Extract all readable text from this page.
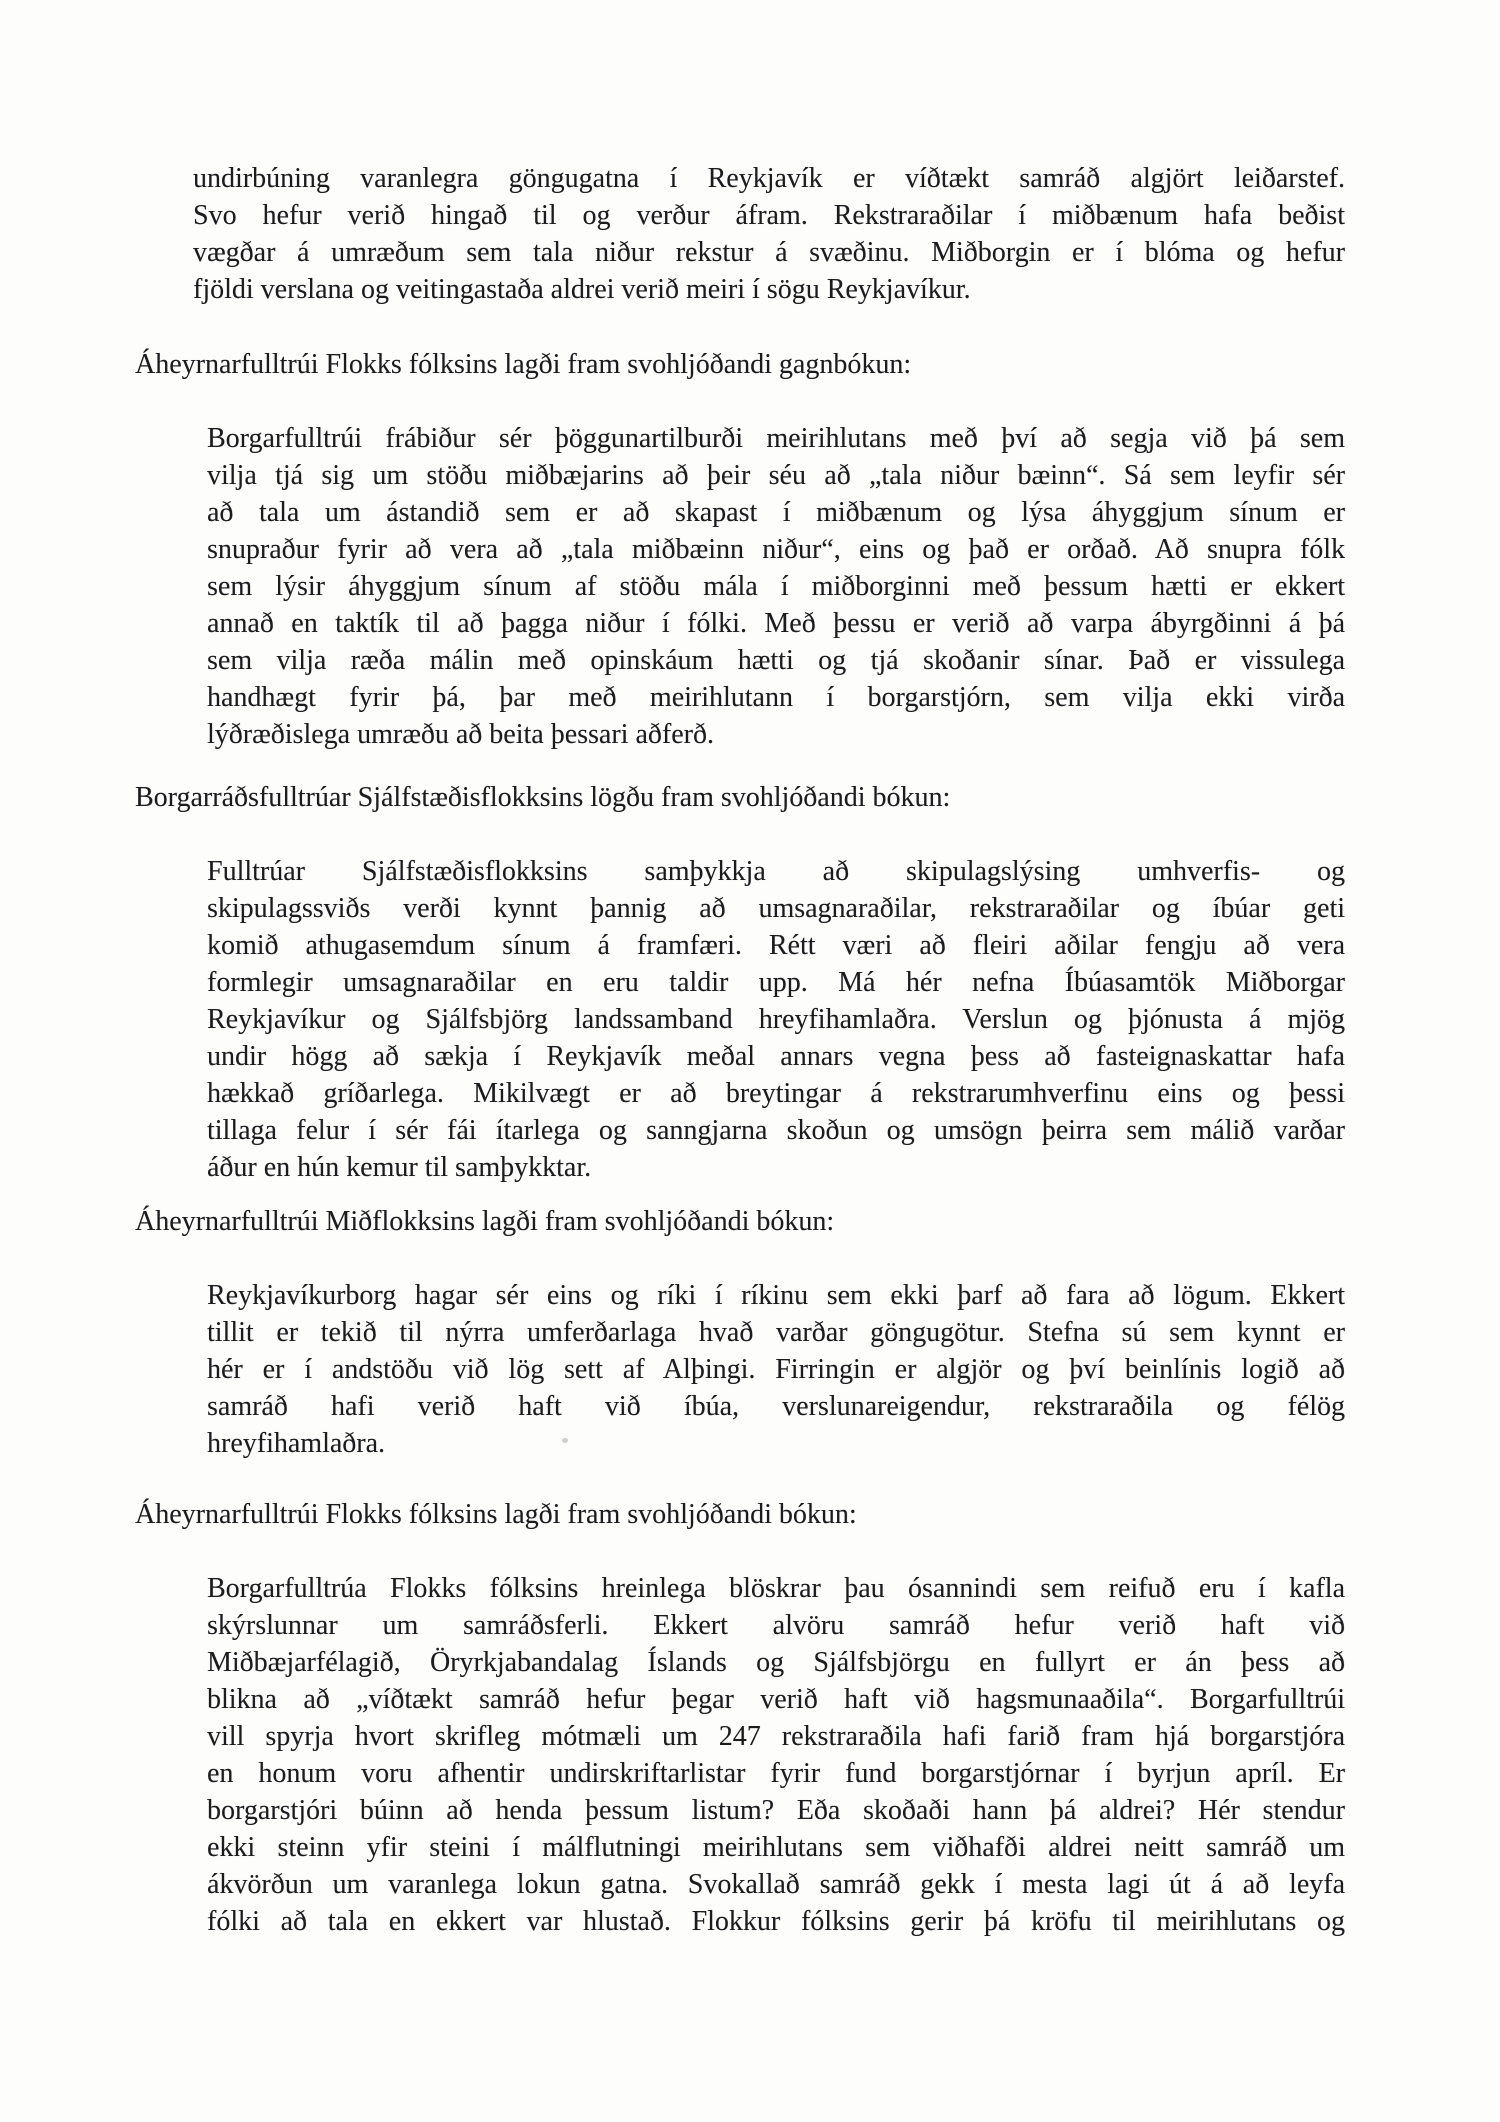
undirbúning varanlegra göngugatna í Reykjavík er víðtækt samráð algjört leiðarstef.
Svo hefur verið hingað til og verður áfram. Rekstraraðilar í miðbænum hafa beðist
vægðar á umræðum sem tala niður rekstur á svæðinu. Miðborgin er í blóma og hefur
fjöldi verslana og veitingastaða aldrei verið meiri í sögu Reykjavíkur.
Áheyrnarfulltrúi Flokks fólksins lagði fram svohljóðandi gagnbókun:
Borgarfulltrúi frábiður sér þöggunartilburði meirihlutans með því að segja við þá sem
vilja tjá sig um stöðu miðbæjarins að þeir séu að „tala niður bæinn“. Sá sem leyfir sér
að tala um ástandið sem er að skapast í miðbænum og lýsa áhyggjum sínum er
snupraður fyrir að vera að „tala miðbæinn niður“, eins og það er orðað. Að snupra fólk
sem lýsir áhyggjum sínum af stöðu mála í miðborginni með þessum hætti er ekkert
annað en taktík til að þagga niður í fólki. Með þessu er verið að varpa ábyrgðinni á þá
sem vilja ræða málin með opinskáum hætti og tjá skoðanir sínar. Það er vissulega
handhægt fyrir þá, þar með meirihlutann í borgarstjórn, sem vilja ekki virða
lýðræðislega umræðu að beita þessari aðferð.
Borgarráðsfulltrúar Sjálfstæðisflokksins lögðu fram svohljóðandi bókun:
Fulltrúar Sjálfstæðisflokksins samþykkja að skipulagslýsing umhverfis- og
skipulagssviðs verði kynnt þannig að umsagnaraðilar, rekstraraðilar og íbúar geti
komið athugasemdum sínum á framfæri. Rétt væri að fleiri aðilar fengju að vera
formlegir umsagnaraðilar en eru taldir upp. Má hér nefna Íbúasamtök Miðborgar
Reykjavíkur og Sjálfsbjörg landssamband hreyfihamlaðra. Verslun og þjónusta á mjög
undir högg að sækja í Reykjavík meðal annars vegna þess að fasteignaskattar hafa
hækkað gríðarlega. Mikilvægt er að breytingar á rekstrarumhverfinu eins og þessi
tillaga felur í sér fái ítarlega og sanngjarna skoðun og umsögn þeirra sem málið varðar
áður en hún kemur til samþykktar.
Áheyrnarfulltrúi Miðflokksins lagði fram svohljóðandi bókun:
Reykjavíkurborg hagar sér eins og ríki í ríkinu sem ekki þarf að fara að lögum. Ekkert
tillit er tekið til nýrra umferðarlaga hvað varðar göngugötur. Stefna sú sem kynnt er
hér er í andstöðu við lög sett af Alþingi. Firringin er algjör og því beinlínis logið að
samráð hafi verið haft við íbúa, verslunareigendur, rekstraraðila og félög
hreyfihamlaðra.
Áheyrnarfulltrúi Flokks fólksins lagði fram svohljóðandi bókun:
Borgarfulltrúa Flokks fólksins hreinlega blöskrar þau ósannindi sem reifuð eru í kafla
skýrslunnar um samráðsferli. Ekkert alvöru samráð hefur verið haft við
Miðbæjarfélagið, Öryrkjabandalag Íslands og Sjálfsbjörgu en fullyrt er án þess að
blikna að „víðtækt samráð hefur þegar verið haft við hagsmunaaðila“. Borgarfulltrúi
vill spyrja hvort skrifleg mótmæli um 247 rekstraraðila hafi farið fram hjá borgarstjóra
en honum voru afhentir undirskriftarlistar fyrir fund borgarstjórnar í byrjun apríl. Er
borgarstjóri búinn að henda þessum listum? Eða skoðaði hann þá aldrei? Hér stendur
ekki steinn yfir steini í málflutningi meirihlutans sem viðhafði aldrei neitt samráð um
ákvörðun um varanlega lokun gatna. Svokallað samráð gekk í mesta lagi út á að leyfa
fólki að tala en ekkert var hlustað. Flokkur fólksins gerir þá kröfu til meirihlutans og
